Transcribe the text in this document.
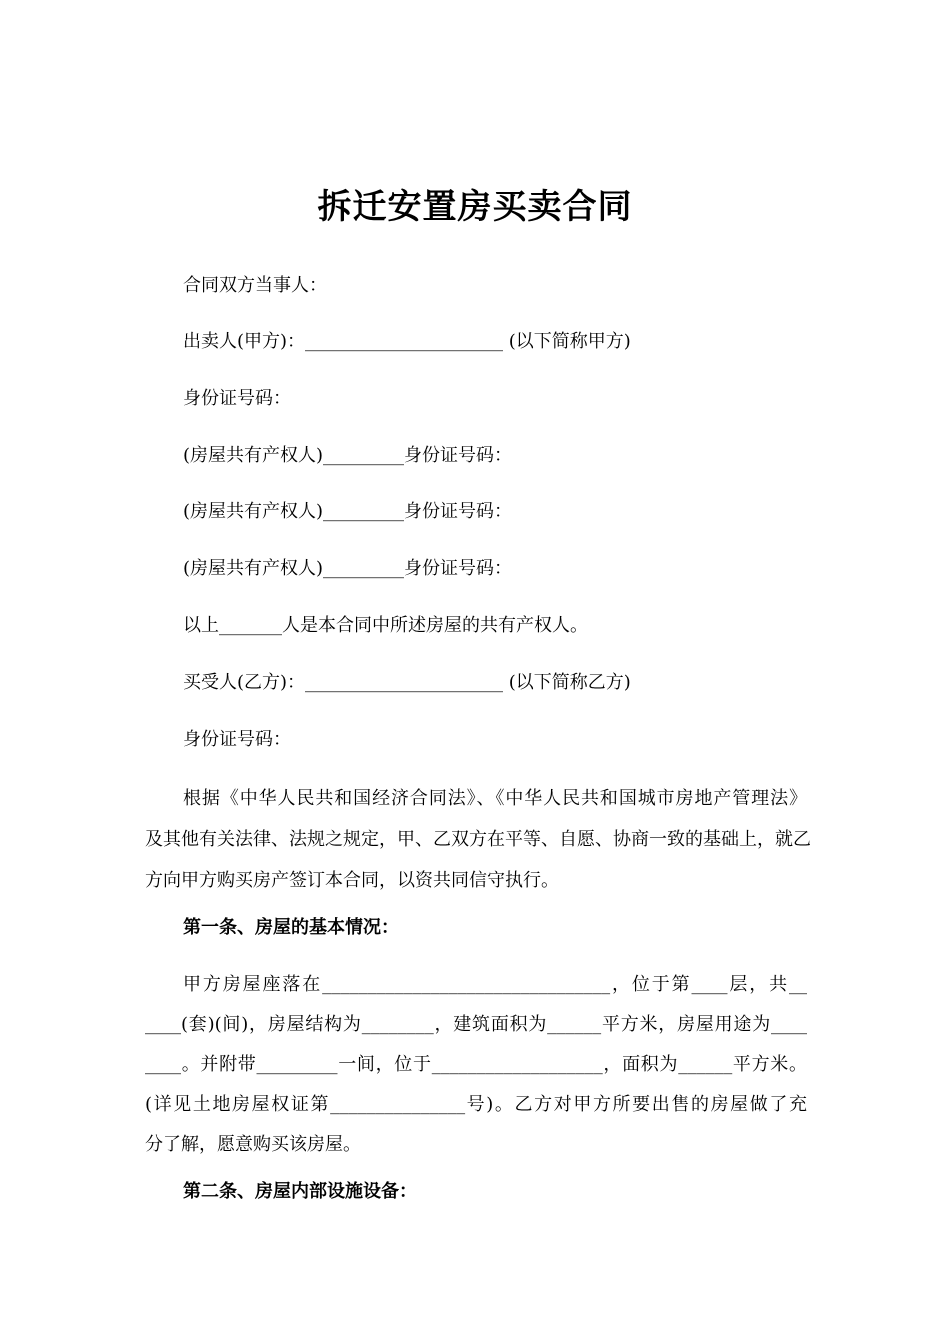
拆迁安置房买卖合同

合同双方当事人：

出卖人(甲方)：______________________ (以下简称甲方)

身份证号码：

(房屋共有产权人)_________身份证号码：

(房屋共有产权人)_________身份证号码：

(房屋共有产权人)_________身份证号码：

以上_______人是本合同中所述房屋的共有产权人。

买受人(乙方)：______________________ (以下简称乙方)

身份证号码：

根据《中华人民共和国经济合同法》、《中华人民共和国城市房地产管理法》
及其他有关法律、法规之规定，甲、乙双方在平等、自愿、协商一致的基础上，就乙
方向甲方购买房产签订本合同，以资共同信守执行。

第一条、房屋的基本情况：

甲方房屋座落在________________________________，位于第____层，共__
____(套)(间)，房屋结构为________，建筑面积为______平方米，房屋用途为____
____。并附带_________一间，位于___________________，面积为______平方米。
(详见土地房屋权证第_______________号)。乙方对甲方所要出售的房屋做了充
分了解，愿意购买该房屋。

第二条、房屋内部设施设备：
